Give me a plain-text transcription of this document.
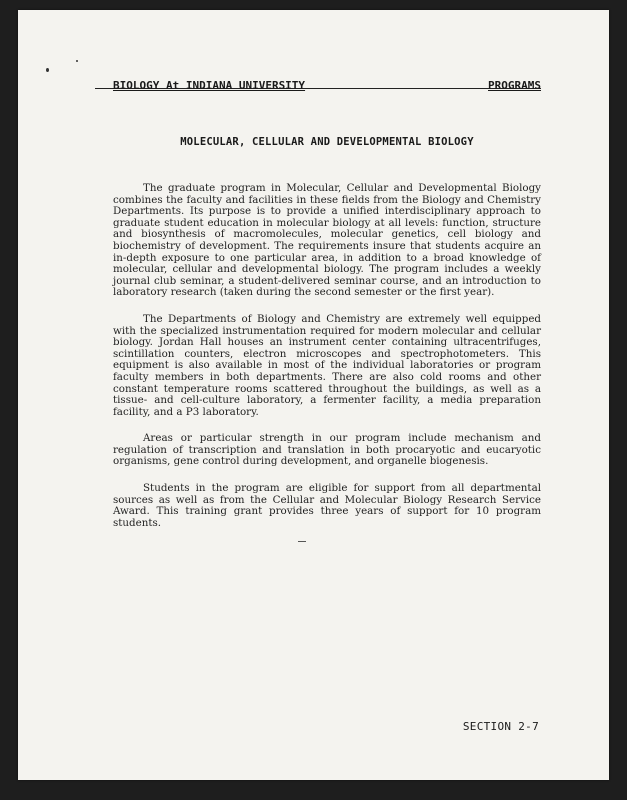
BIOLOGY At INDIANA UNIVERSITY	PROGRAMS
MOLECULAR, CELLULAR AND DEVELOPMENTAL BIOLOGY

The graduate program in Molecular, Cellular and Developmental Biology combines the faculty and facilities in these fields from the Biology and Chemistry Departments. Its purpose is to provide a unified interdisciplinary approach to graduate student education in molecular biology at all levels: function, structure and biosynthesis of macromolecules, molecular genetics, cell biology and biochemistry of development. The requirements insure that students acquire an in-depth exposure to one particular area, in addition to a broad knowledge of molecular, cellular and developmental biology. The program includes a weekly journal club seminar, a student-delivered seminar course, and an introduction to laboratory research (taken during the second semester or the first year).

The Departments of Biology and Chemistry are extremely well equipped with the specialized instrumentation required for modern molecular and cellular biology. Jordan Hall houses an instrument center containing ultracentrifuges, scintillation counters, electron microscopes and spectrophotometers. This equipment is also available in most of the individual laboratories or program faculty members in both departments. There are also cold rooms and other constant temperature rooms scattered throughout the buildings, as well as a tissue- and cell-culture laboratory, a fermenter facility, a media preparation facility, and a P3 laboratory.

Areas or particular strength in our program include mechanism and regulation of transcription and translation in both procaryotic and eucaryotic organisms, gene control during development, and organelle biogenesis.

Students in the program are eligible for support from all departmental sources as well as from the Cellular and Molecular Biology Research Service Award. This training grant provides three years of support for 10 program students.

SECTION 2-7
